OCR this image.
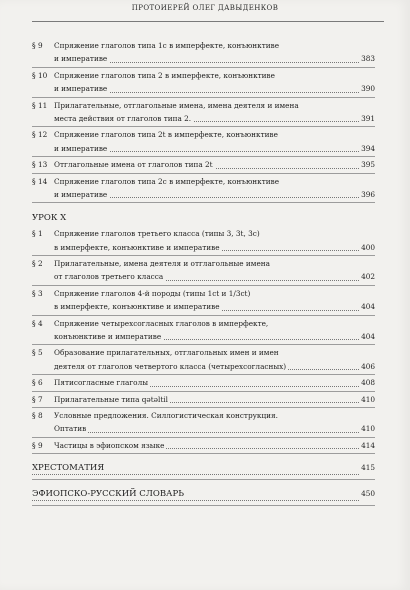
ПРОТОИЕРЕЙ ОЛЕГ ДАВЫДЕНКОВ
§ 9	Спряжение глаголов типа 1с в имперфекте, конъюнктиве
и императиве	383
§ 10 Спряжение глаголов типа 2 в имперфекте, конъюнктиве
и императиве	390
§ 11 Прилагательные, отглагольные имена, имена деятеля и имена
места действия от глаголов типа 2.	391
§ 12 Спряжение глаголов типа 2t в имперфекте, конъюнктиве
и императиве	394
§ 13 Отглагольные имена от глаголов типа 2t	395
§ 14 Спряжение глаголов типа 2с в имперфекте, конъюнктиве
и императиве	396
УРОК X
§ 1	Спряжение глаголов третьего класса (типы 3, 3t, 3с)
в имперфекте, конъюнктиве и императиве	400
§ 2	Прилагательные, имена деятеля и отглагольные имена
от глаголов третьего класса	402
§ 3	Спряжение глаголов 4-й породы (типы 1ct и 1/3ct)
в имперфекте, конъюнктиве и императиве	404
§ 4	Спряжение четырехсогласных глаголов в имперфекте,
конъюнктиве и императиве	404
§ 5	Образование прилагательных, отглагольных имен и имен
деятеля от глаголов четвертого класса (четырехсогласных)	406
§ 6	Пятисогласные глаголы	408
§ 7	Прилагательные типа qətəltil	410
§ 8	Условные предложения. Силлогистическая конструкция.
Оптатив	410
§ 9	Частицы в эфиопском языке	414
ХРЕСТОМАТИЯ	415
ЭФИОПСКО-РУССКИЙ СЛОВАРЬ	450
